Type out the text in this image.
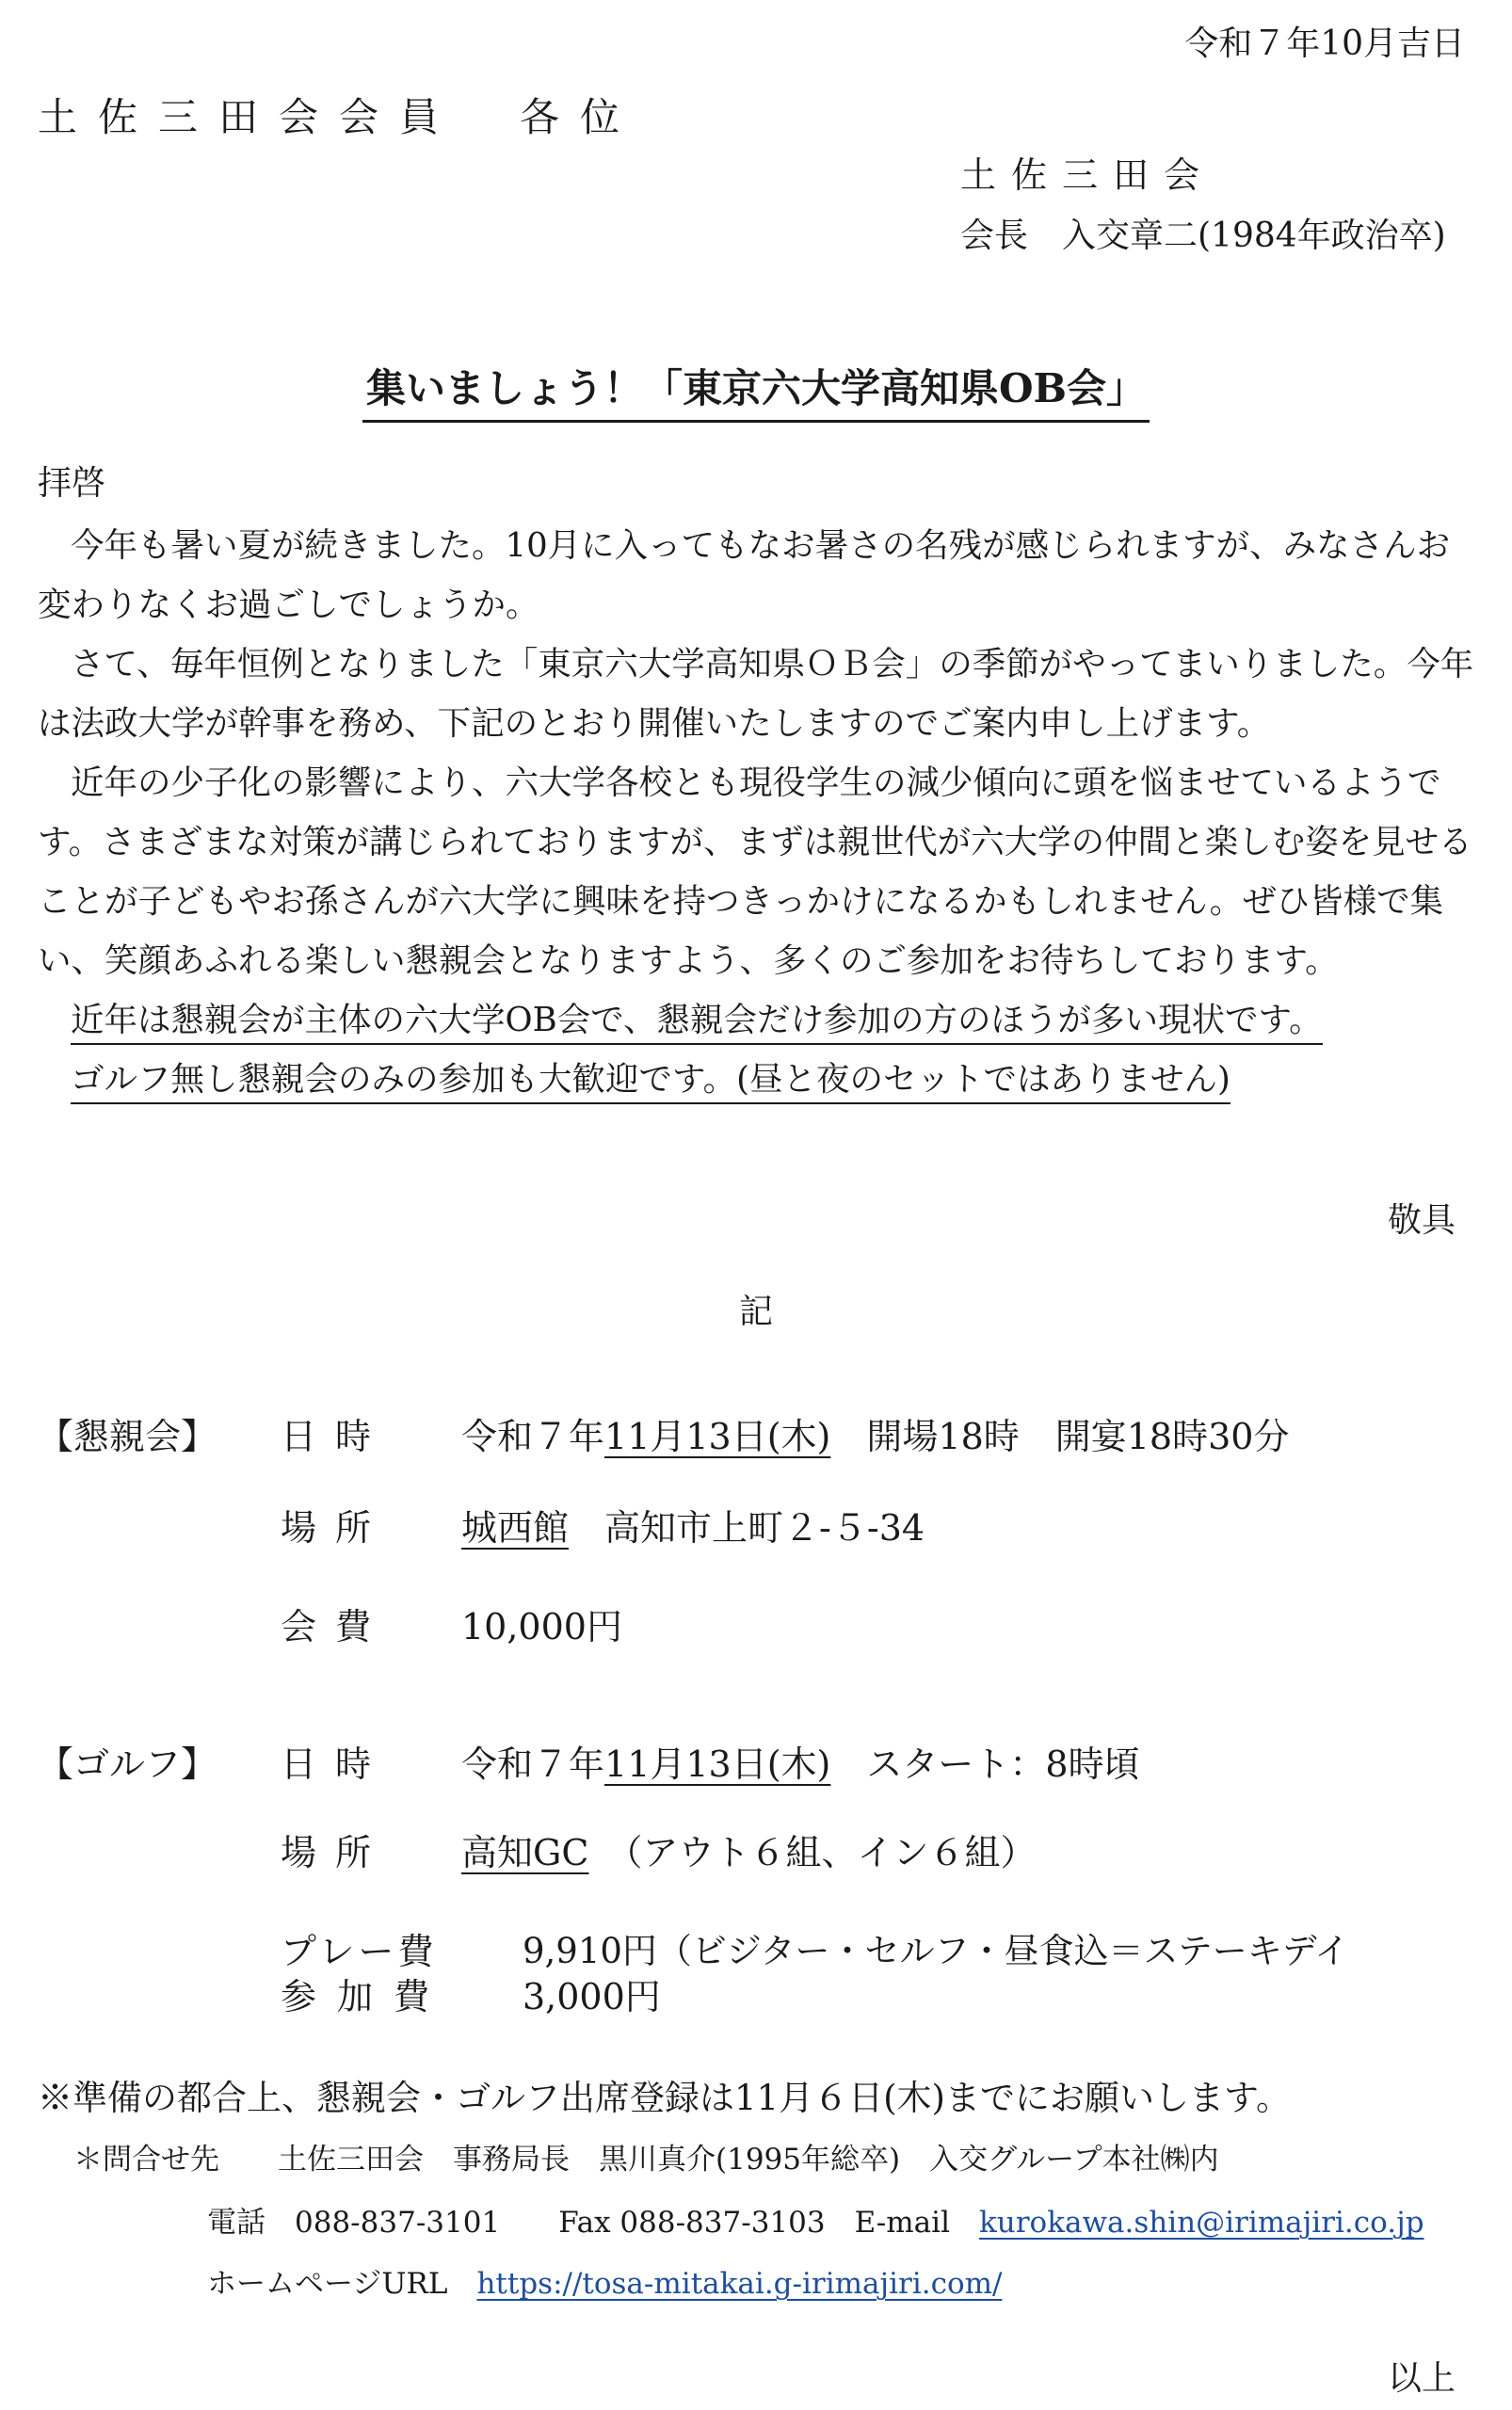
令和７年10月吉日
土佐三田会会員　各位
土佐三田会
会長　入交章二(1984年政治卒)
集いましょう！「東京六大学高知県OB会」
拝啓

今年も暑い夏が続きました。10月に入ってもなお暑さの名残が感じられますが、みなさんお変わりなくお過ごしでしょうか。

さて、毎年恒例となりました「東京六大学高知県ＯＢ会」の季節がやってまいりました。今年は法政大学が幹事を務め、下記のとおり開催いたしますのでご案内申し上げます。

近年の少子化の影響により、六大学各校とも現役学生の減少傾向に頭を悩ませているようです。さまざまな対策が講じられておりますが、まずは親世代が六大学の仲間と楽しむ姿を見せることが子どもやお孫さんが六大学に興味を持つきっかけになるかもしれません。ぜひ皆様で集い、笑顔あふれる楽しい懇親会となりますよう、多くのご参加をお待ちしております。

近年は懇親会が主体の六大学OB会で、懇親会だけ参加の方のほうが多い現状です。

ゴルフ無し懇親会のみの参加も大歓迎です。(昼と夜のセットではありません)

敬具
記
【懇親会】 日時 令和７年11月13日(木)　 開場18時　開宴18時30分
場所 城西館　 高知市上町２‐５‐34
会費 10,000円
【ゴルフ】 日時 令和７年11月13日(木)　 スタート：8時頃
場所 高知GC　 （アウト６組、イン６組）
プレー費 9,910円（ビジター・セルフ・昼食込＝ステーキデイ
参加費 3,000円
※準備の都合上、懇親会・ゴルフ出席登録は11月６日(木)までにお願いします。
＊問合せ先　　土佐三田会　事務局長　黒川真介(1995年総卒)　入交グループ本社㈱内
電話　 088-837-3101　　 Fax 088-837-3103　 E-mail　 kurokawa.shin@irimajiri.co.jp
ホームページURL　 https://tosa-mitakai.g-irimajiri.com/
以上
